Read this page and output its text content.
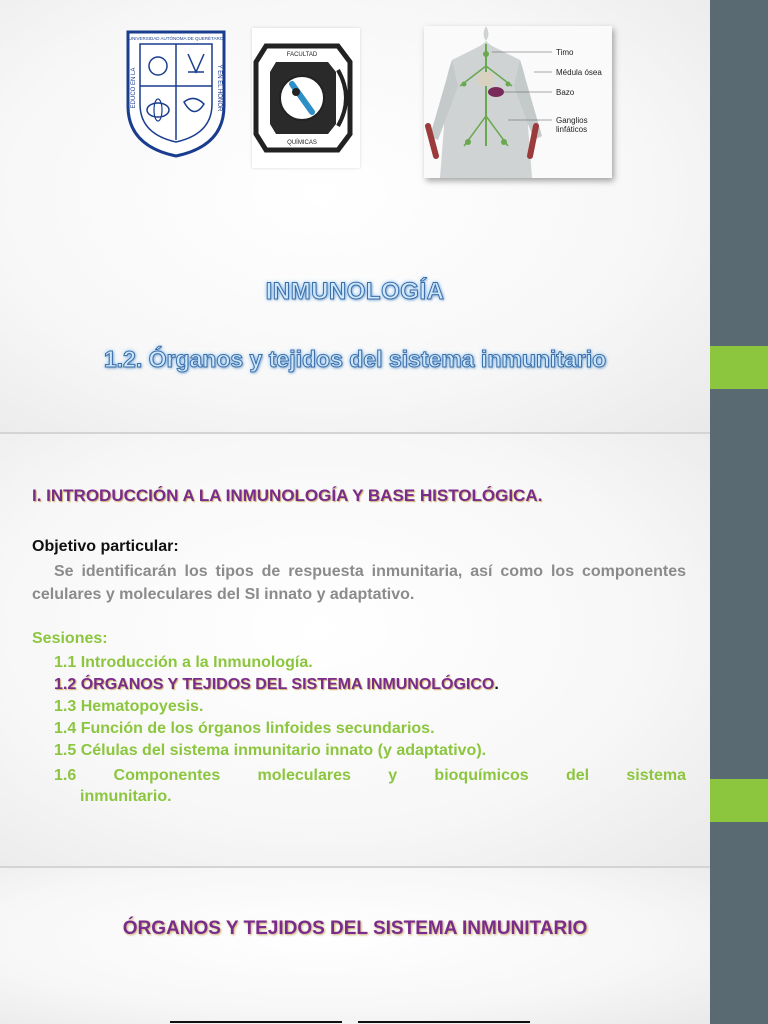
UNIVERSIDAD AUTÓNOMA DE QUERÉTARO
EDUCO EN LA	Y EN EL HONOR
FACULTAD
QUÍMICAS
Timo
Médula ósea
Bazo
Ganglios linfáticos
INMUNOLOGÍA
1.2. Órganos y tejidos del sistema inmunitario
I. INTRODUCCIÓN A LA INMUNOLOGÍA Y BASE HISTOLÓGICA.
Objetivo particular:

Se identificarán los tipos de respuesta inmunitaria, así como los componentes celulares y moleculares del SI innato y adaptativo.

Sesiones:
1.1 Introducción a la Inmunología.
1.2 ÓRGANOS Y TEJIDOS DEL SISTEMA INMUNOLÓGICO.
1.3 Hematopoyesis.
1.4 Función de los órganos linfoides secundarios.
1.5 Células del sistema inmunitario innato (y adaptativo).
1.6 Componentes moleculares y bioquímicos del sistema
inmunitario.
ÓRGANOS Y TEJIDOS DEL SISTEMA INMUNITARIO
